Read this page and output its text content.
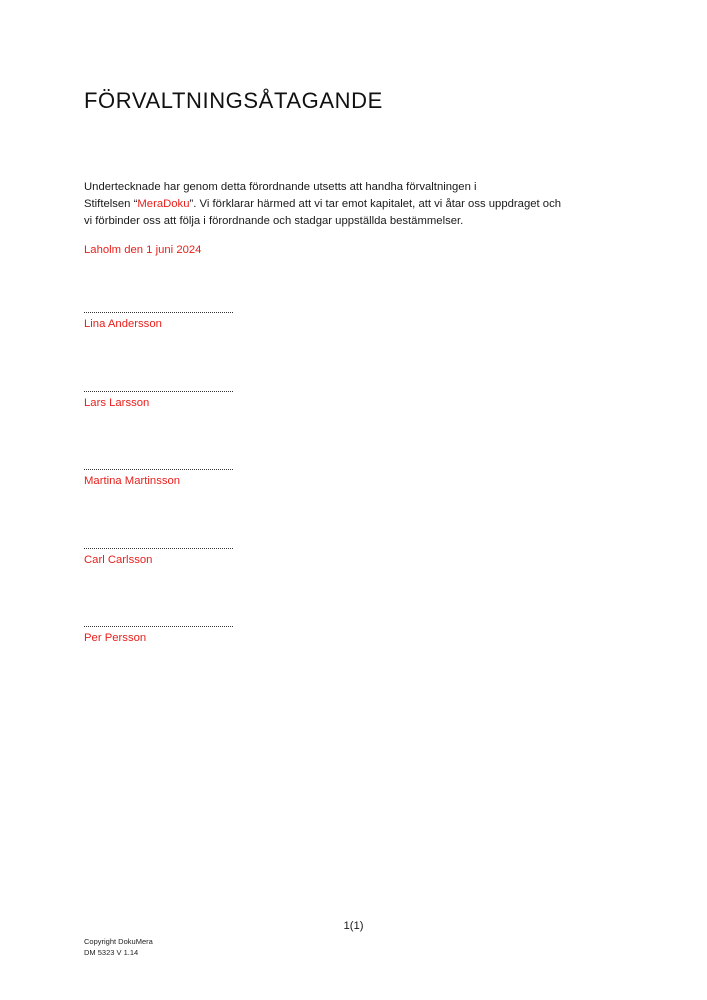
FÖRVALTNINGSÅTAGANDE

Undertecknade har genom detta förordnande utsetts att handha förvaltningen i
Stiftelsen “MeraDoku”. Vi förklarar härmed att vi tar emot kapitalet, att vi åtar oss uppdraget och
vi förbinder oss att följa i förordnande och stadgar uppställda bestämmelser.

Laholm den 1 juni 2024
Lina Andersson
Lars Larsson
Martina Martinsson
Carl Carlsson
Per Persson
1(1)
Copyright DokuMera
DM 5323 V 1.14
